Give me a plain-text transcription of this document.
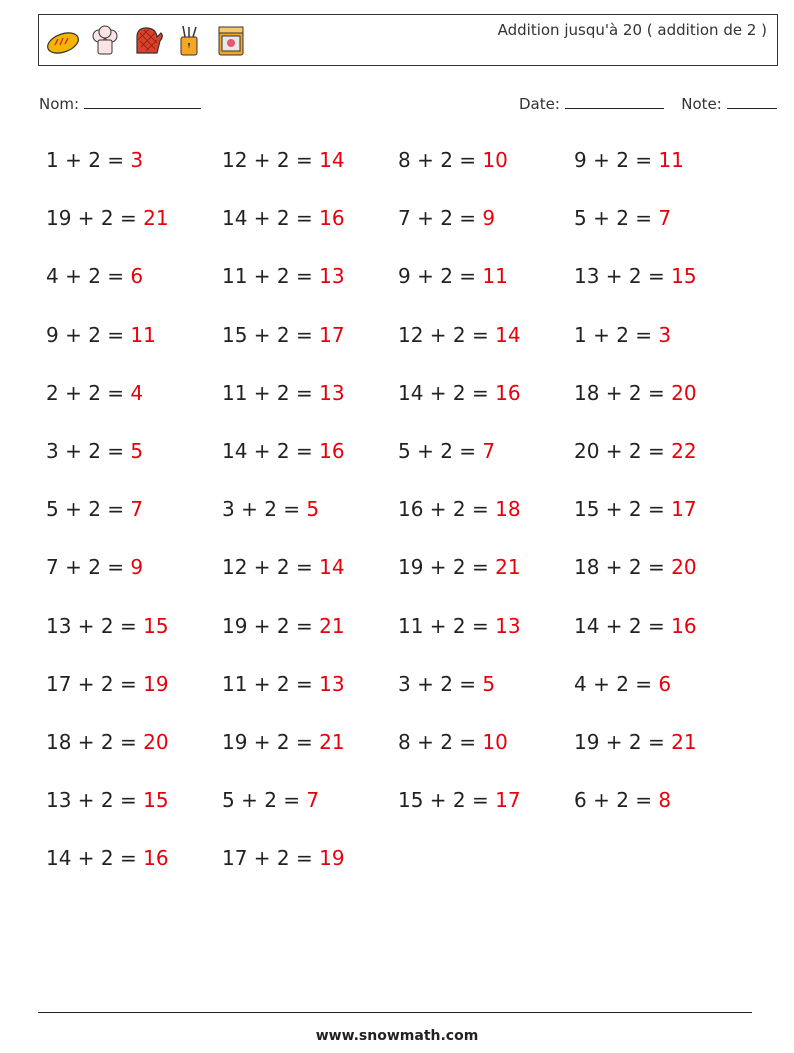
Addition jusqu'à 20 ( addition de 2 )
Nom:	Date:	Note:
1 + 2 = 3	12 + 2 = 14	8 + 2 = 10	9 + 2 = 11
19 + 2 = 21	14 + 2 = 16	7 + 2 = 9	5 + 2 = 7
4 + 2 = 6	11 + 2 = 13	9 + 2 = 11	13 + 2 = 15
9 + 2 = 11	15 + 2 = 17	12 + 2 = 14	1 + 2 = 3
2 + 2 = 4	11 + 2 = 13	14 + 2 = 16	18 + 2 = 20
3 + 2 = 5	14 + 2 = 16	5 + 2 = 7	20 + 2 = 22
5 + 2 = 7	3 + 2 = 5	16 + 2 = 18	15 + 2 = 17
7 + 2 = 9	12 + 2 = 14	19 + 2 = 21	18 + 2 = 20
13 + 2 = 15	19 + 2 = 21	11 + 2 = 13	14 + 2 = 16
17 + 2 = 19	11 + 2 = 13	3 + 2 = 5	4 + 2 = 6
18 + 2 = 20	19 + 2 = 21	8 + 2 = 10	19 + 2 = 21
13 + 2 = 15	5 + 2 = 7	15 + 2 = 17	6 + 2 = 8
14 + 2 = 16	17 + 2 = 19
www.snowmath.com
